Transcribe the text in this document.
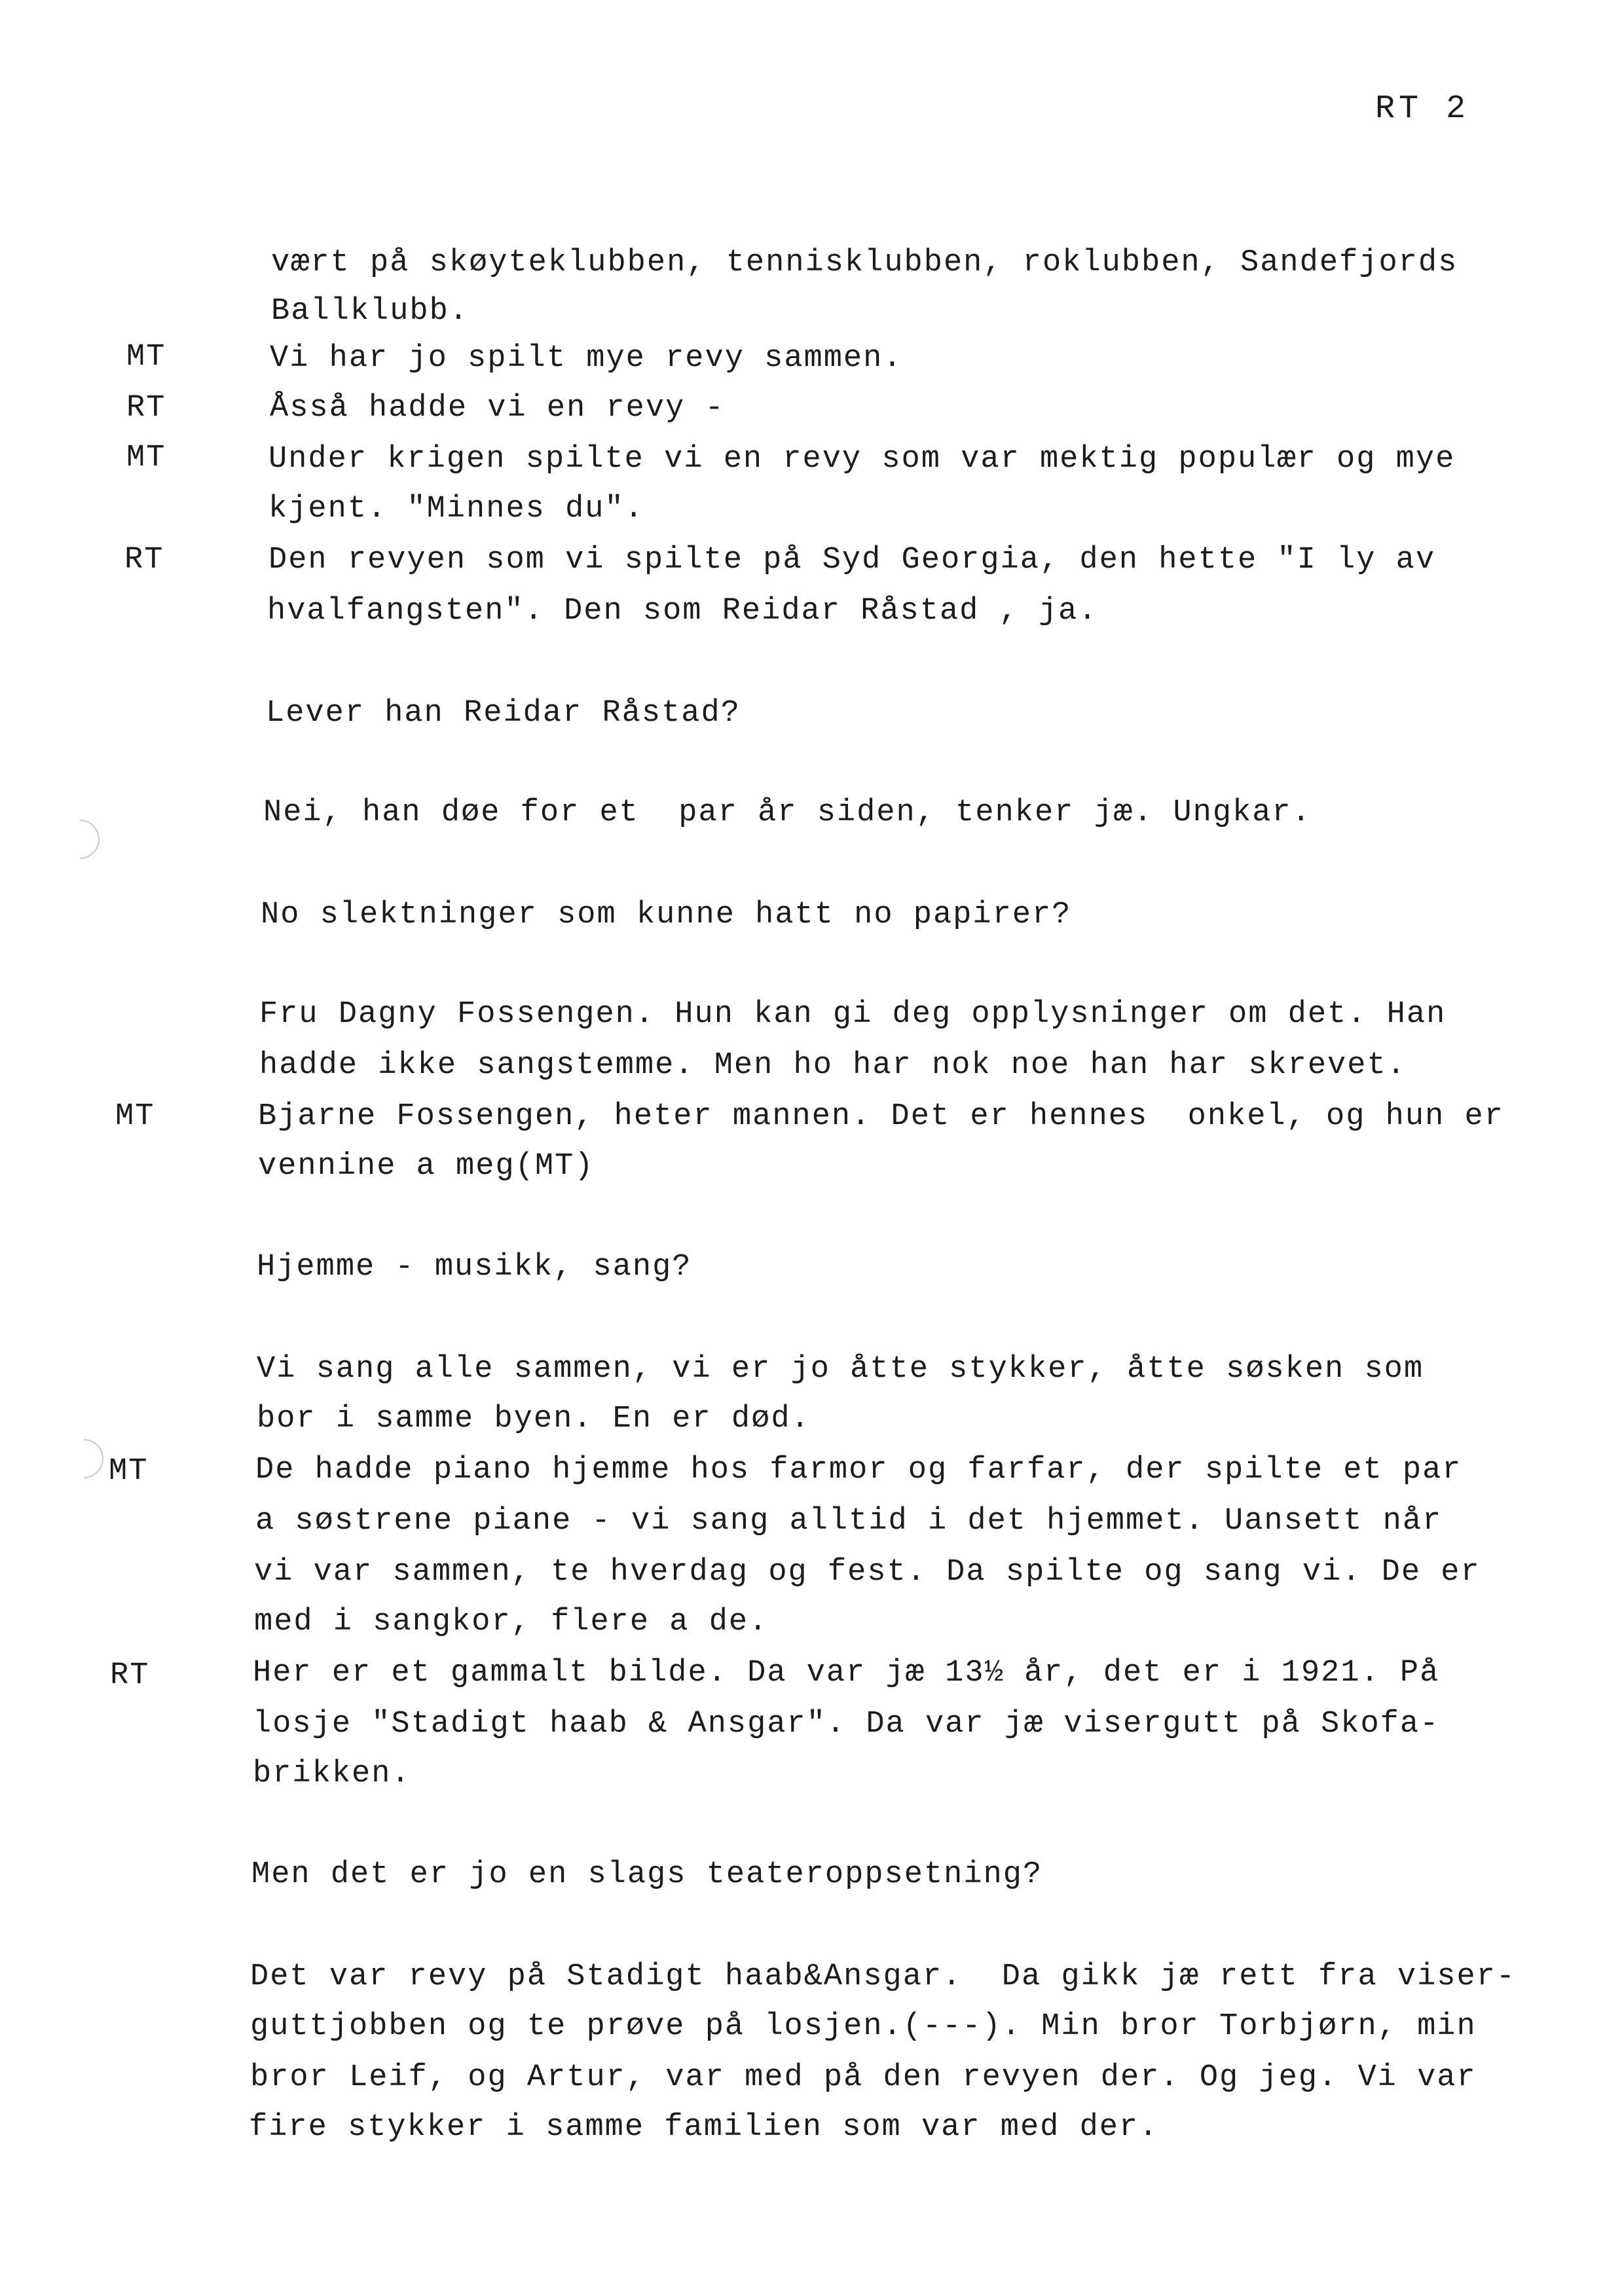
RT 2
MT
RT
MT
RT
MT
MT
RT
vært på skøyteklubben, tennisklubben, roklubben, Sandefjords
Ballklubb.
Vi har jo spilt mye revy sammen.
Åsså hadde vi en revy -
Under krigen spilte vi en revy som var mektig populær og mye
kjent. "Minnes du".
Den revyen som vi spilte på Syd Georgia, den hette "I ly av
hvalfangsten". Den som Reidar Råstad , ja.
Lever han Reidar Råstad?
Nei, han døe for et  par år siden, tenker jæ. Ungkar.
No slektninger som kunne hatt no papirer?
Fru Dagny Fossengen. Hun kan gi deg opplysninger om det. Han
hadde ikke sangstemme. Men ho har nok noe han har skrevet.
Bjarne Fossengen, heter mannen. Det er hennes  onkel, og hun er
vennine a meg(MT)
Hjemme - musikk, sang?
Vi sang alle sammen, vi er jo åtte stykker, åtte søsken som
bor i samme byen. En er død.
De hadde piano hjemme hos farmor og farfar, der spilte et par
a søstrene piane - vi sang alltid i det hjemmet. Uansett når
vi var sammen, te hverdag og fest. Da spilte og sang vi. De er
med i sangkor, flere a de.
Her er et gammalt bilde. Da var jæ 13½ år, det er i 1921. På
losje "Stadigt haab & Ansgar". Da var jæ visergutt på Skofa-
brikken.
Men det er jo en slags teateroppsetning?
Det var revy på Stadigt haab&Ansgar.  Da gikk jæ rett fra viser-
guttjobben og te prøve på losjen.(---). Min bror Torbjørn, min
bror Leif, og Artur, var med på den revyen der. Og jeg. Vi var
fire stykker i samme familien som var med der.
